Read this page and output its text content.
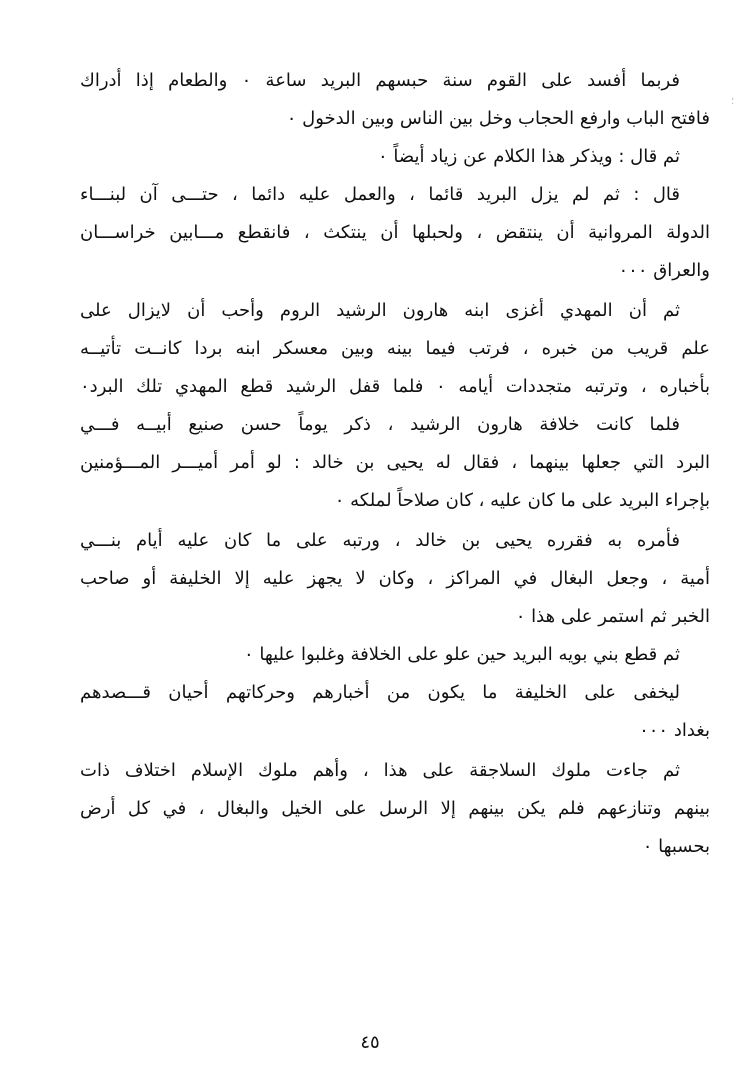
فربما أفسد على القوم سنة حبسهم البريد ساعة ٠ والطعام إذا أدراك
فافتح الباب وارفع الحجاب وخل بين الناس وبين الدخول ٠
ثم قال : ويذكر هذا الكلام عن زياد أيضاً ٠
قال : ثم لم يزل البريد قائما ، والعمل عليه دائما ، حتـــى آن لبنـــاء
الدولة المروانية أن ينتقض ، ولحبلها أن ينتكث ، فانقطع مـــابين خراســـان
والعراق ٠٠٠
ثم أن المهدي أغزى ابنه هارون الرشيد الروم وأحب أن لايزال على
علم قريب من خبره ، فرتب فيما بينه وبين معسكر ابنه بردا كانــت تأتيــه
بأخباره ، وترتبه متجددات أيامه ٠ فلما قفل الرشيد قطع المهدي تلك البرد٠
فلما كانت خلافة هارون الرشيد ، ذكر يوماً حسن صنيع أبيــه فـــي
البرد التي جعلها بينهما ، فقال له يحيى بن خالد : لو أمر أميـــر المـــؤمنين
بإجراء البريد على ما كان عليه ، كان صلاحاً لملكه ٠
فأمره به فقرره يحيى بن خالد ، ورتبه على ما كان عليه أيام بنـــي
أمية ، وجعل البغال في المراكز ، وكان لا يجهز عليه إلا الخليفة أو صاحب
الخبر ثم استمر على هذا ٠
ثم قطع بني بويه البريد حين علو على الخلافة وغلبوا عليها ٠
ليخفى على الخليفة ما يكون من أخبارهم وحركاتهم أحيان قـــصدهم
بغداد ٠٠٠
ثم جاءت ملوك السلاجقة على هذا ، وأهم ملوك الإسلام اختلاف ذات
بينهم وتنازعهم فلم يكن بينهم إلا الرسل على الخيل والبغال ، في كل أرض
بحسبها ٠
؛
٤٥
